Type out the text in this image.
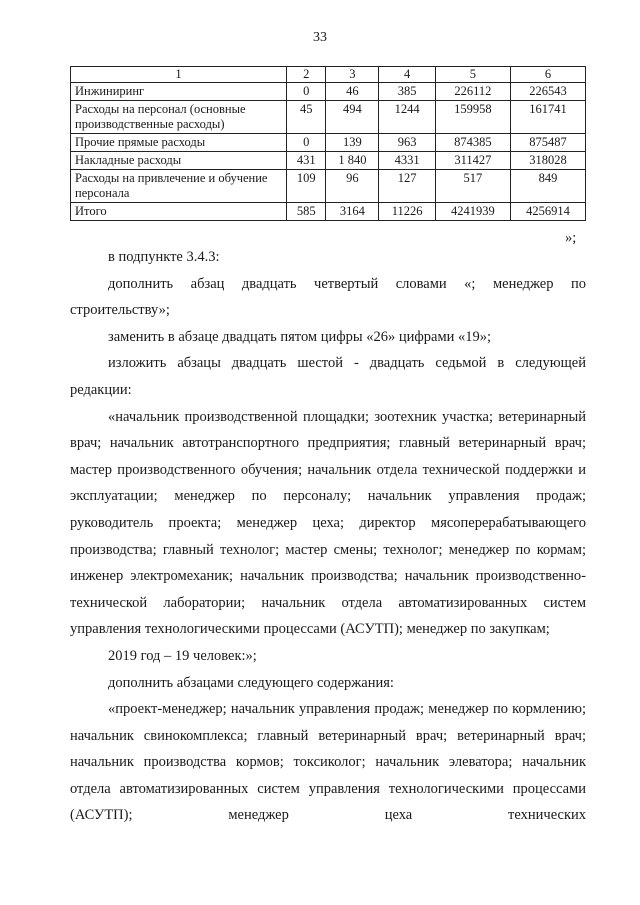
33
1	2	3	4	5	6
Инжиниринг	0	46	385	226112	226543
Расходы на персонал (основные производственные расходы)	45	494	1244	159958	161741
Прочие прямые расходы	0	139	963	874385	875487
Накладные расходы	431	1 840	4331	311427	318028
Расходы на привлечение и обучение персонала	109	96	127	517	849
Итого	585	3164	11226	4241939	4256914
»;

в подпункте 3.4.3:

дополнить абзац двадцать четвертый словами «; менеджер по строительству»;

заменить в абзаце двадцать пятом цифры «26» цифрами «19»;

изложить абзацы двадцать шестой - двадцать седьмой в следующей редакции:

«начальник производственной площадки; зоотехник участка; ветеринарный врач; начальник автотранспортного предприятия; главный ветеринарный врач; мастер производственного обучения; начальник отдела технической поддержки и эксплуатации; менеджер по персоналу; начальник управления продаж; руководитель проекта; менеджер цеха; директор мясоперерабатывающего производства; главный технолог; мастер смены; технолог; менеджер по кормам; инженер электромеханик; начальник производства; начальник производственно-технической лаборатории; начальник отдела автоматизированных систем управления технологическими процессами (АСУТП); менеджер по закупкам;

2019 год – 19 человек:»;

дополнить абзацами следующего содержания:

«проект-менеджер; начальник управления продаж; менеджер по кормлению; начальник свинокомплекса; главный ветеринарный врач; ветеринарный врач; начальник производства кормов; токсиколог; начальник элеватора; начальник отдела автоматизированных систем управления технологическими процессами (АСУТП); менеджер цеха технических
